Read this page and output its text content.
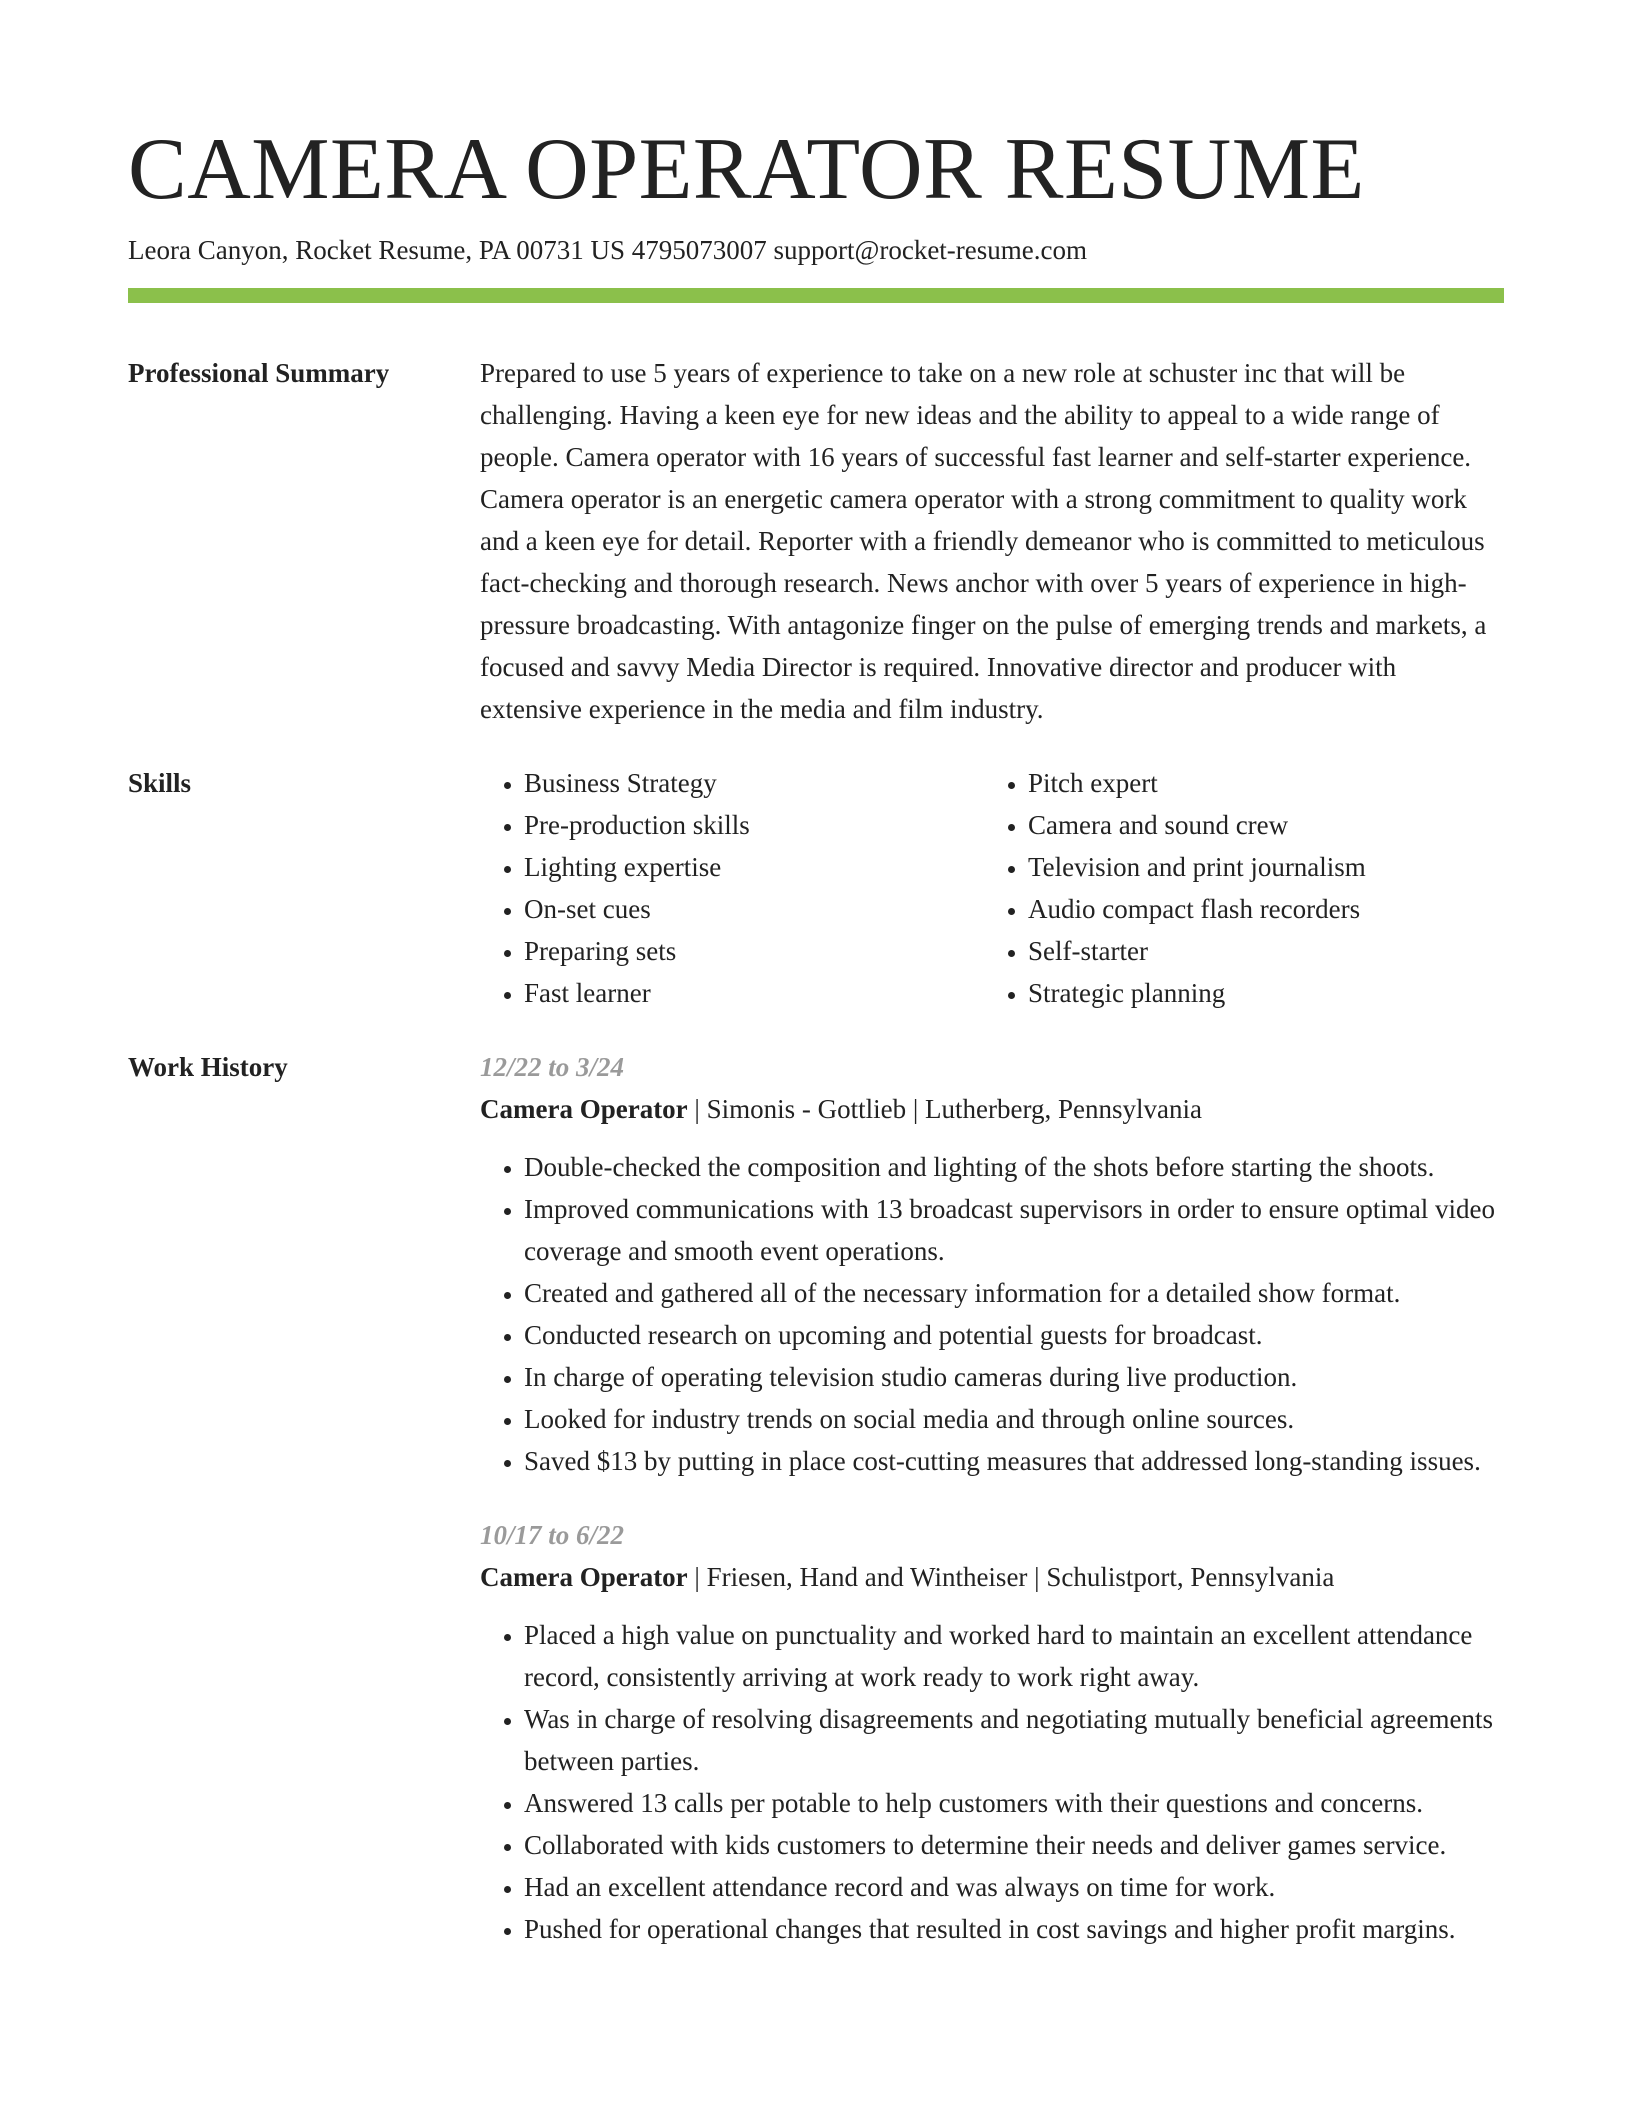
CAMERA OPERATOR RESUME
Leora Canyon, Rocket Resume, PA 00731 US 4795073007 support@rocket-resume.com
Professional Summary	Prepared to use 5 years of experience to take on a new role at schuster inc that will be challenging. Having a keen eye for new ideas and the ability to appeal to a wide range of people. Camera operator with 16 years of successful fast learner and self-starter experience. Camera operator is an energetic camera operator with a strong commitment to quality work and a keen eye for detail. Reporter with a friendly demeanor who is committed to meticulous fact-checking and thorough research. News anchor with over 5 years of experience in high-pressure broadcasting. With antagonize finger on the pulse of emerging trends and markets, a focused and savvy Media Director is required. Innovative director and producer with extensive experience in the media and film industry.

Skills
•	Business Strategy
• Pre-production skills
• Lighting expertise
• On-set cues
• Preparing sets
• Fast learner
• Pitch expert
• Camera and sound crew
• Television and print journalism
• Audio compact flash recorders
• Self-starter
• Strategic planning
Work History	12/22 to 3/24
Camera Operator | Simonis - Gottlieb | Lutherberg, Pennsylvania
• Double-checked the composition and lighting of the shots before starting the shoots.
• Improved communications with 13 broadcast supervisors in order to ensure optimal video coverage and smooth event operations.
• Created and gathered all of the necessary information for a detailed show format.
• Conducted research on upcoming and potential guests for broadcast.
• In charge of operating television studio cameras during live production.
• Looked for industry trends on social media and through online sources.
• Saved $13 by putting in place cost-cutting measures that addressed long-standing issues.
10/17 to 6/22
Camera Operator | Friesen, Hand and Wintheiser | Schulistport, Pennsylvania
• Placed a high value on punctuality and worked hard to maintain an excellent attendance record, consistently arriving at work ready to work right away.
• Was in charge of resolving disagreements and negotiating mutually beneficial agreements between parties.
• Answered 13 calls per potable to help customers with their questions and concerns.
• Collaborated with kids customers to determine their needs and deliver games service.
• Had an excellent attendance record and was always on time for work.
• Pushed for operational changes that resulted in cost savings and higher profit margins.
